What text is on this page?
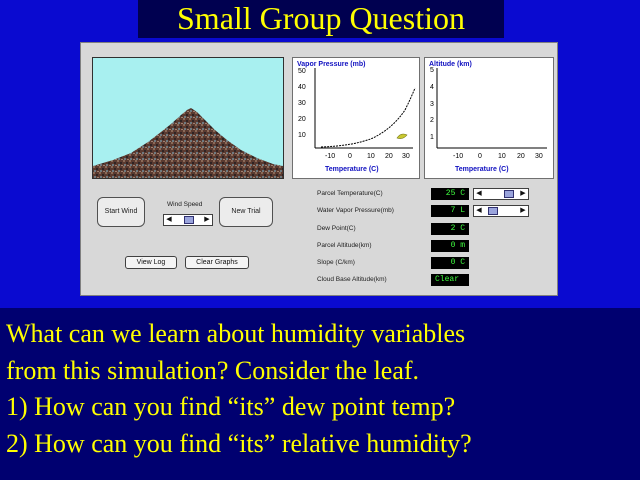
Small Group Question
Vapor Pressure (mb)
50
40
30
20
10
-10 0 10 20 30
Temperature (C)
Altitude (km)
5
4
3
2
1
-10 0 10 20 30
Temperature (C)
Start Wind
Wind Speed
◀	▶
New Trial
View Log	Clear Graphs
Parcel Temperature(C)	25 C	◀	▶
Water Vapor Pressure(mb)	7 L	◀	▶
Dew Point(C)	2 C
Parcel Altitude(km)	0 m
Slope (C/km)	0 C
Cloud Base Altitude(km)	Clear
What can we learn about humidity variables
from this simulation? Consider the leaf.
1) How can you find “its” dew point temp?
2) How can you find “its” relative humidity?
